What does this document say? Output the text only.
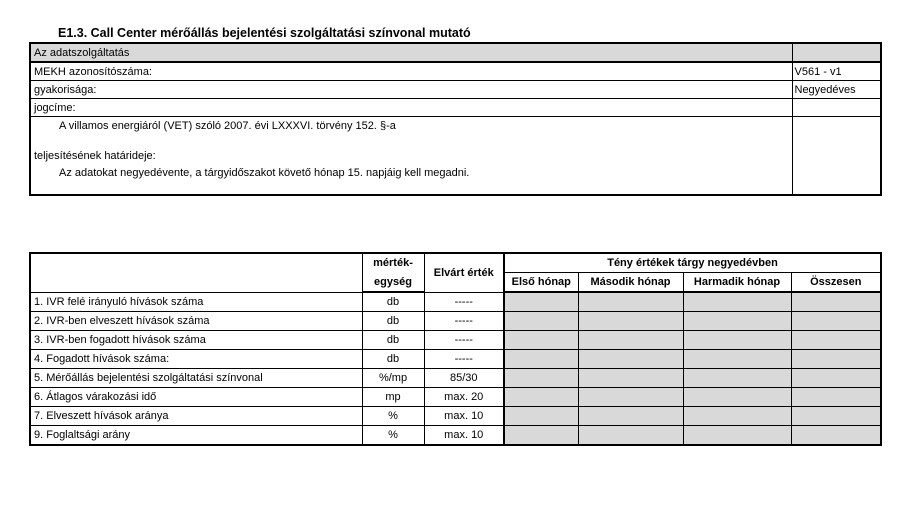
E1.3. Call Center mérőállás bejelentési szolgáltatási színvonal mutató
Az adatszolgáltatás	
MEKH azonosítószáma:	V561 - v1
gyakorisága:	Negyedéves
jogcíme:	
A villamos energiáról (VET) szóló 2007. évi LXXXVI. törvény 152. §-a	

teljesítésének határideje:	
Az adatokat negyedévente, a tárgyidőszakot követő hónap 15. napjáig kell megadni.	

	mérték-	Elvárt érték	Tény értékek tárgy negyedévben			
	egység		Első hónap	Második hónap	Harmadik hónap	Összesen
1. IVR felé irányuló hívások száma	db	-----				
2. IVR-ben elveszett hívások száma	db	-----				
3. IVR-ben fogadott hívások száma	db	-----				
4. Fogadott hívások száma:	db	-----				
5. Mérőállás bejelentési szolgáltatási színvonal	%/mp	85/30				
6. Átlagos várakozási idő	mp	max. 20				
7. Elveszett hívások aránya	%	max. 10				
9. Foglaltsági arány	%	max. 10				
